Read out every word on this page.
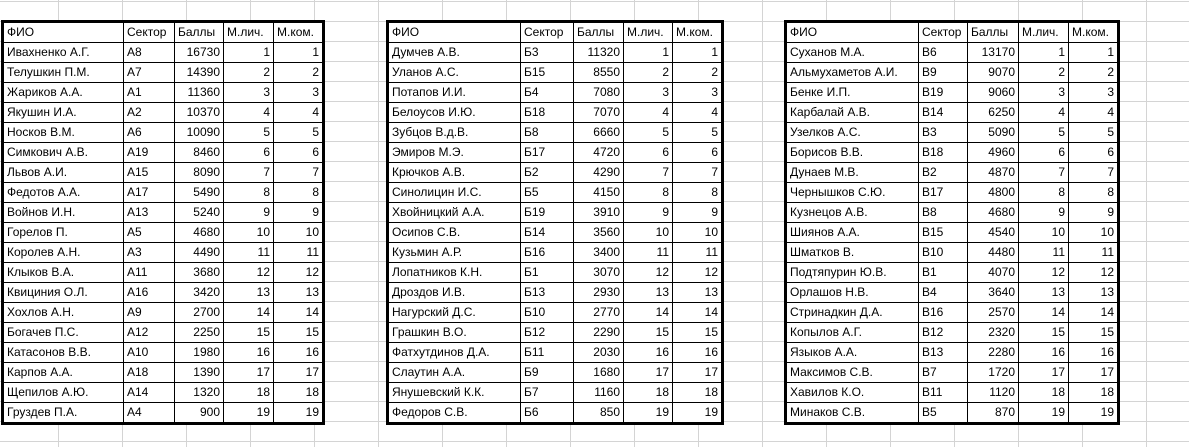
ФИО	Сектор	Баллы	М.лич.	М.ком.
Ивахненко А.Г.	А8	16730	1	1
Телушкин П.М.	А7	14390	2	2
Жариков А.А.	А1	11360	3	3
Якушин И.А.	А2	10370	4	4
Носков В.М.	А6	10090	5	5
Симкович А.В.	А19	8460	6	6
Львов А.И.	А15	8090	7	7
Федотов А.А.	А17	5490	8	8
Войнов И.Н.	А13	5240	9	9
Горелов П.	А5	4680	10	10
Королев А.Н.	А3	4490	11	11
Клыков В.А.	А11	3680	12	12
Квициния О.Л.	А16	3420	13	13
Хохлов А.Н.	А9	2700	14	14
Богачев П.С.	А12	2250	15	15
Катасонов В.В.	А10	1980	16	16
Карпов А.А.	А18	1390	17	17
Щепилов А.Ю.	А14	1320	18	18
Груздев П.А.	А4	900	19	19
ФИО	Сектор	Баллы	М.лич.	М.ком.
Думчев А.В.	Б3	11320	1	1
Уланов А.С.	Б15	8550	2	2
Потапов И.И.	Б4	7080	3	3
Белоусов И.Ю.	Б18	7070	4	4
Зубцов В.д.В.	Б8	6660	5	5
Эмиров М.Э.	Б17	4720	6	6
Крючков А.В.	Б2	4290	7	7
Синолицин И.С.	Б5	4150	8	8
Хвойницкий А.А.	Б19	3910	9	9
Осипов С.В.	Б14	3560	10	10
Кузьмин А.Р.	Б16	3400	11	11
Лопатников К.Н.	Б1	3070	12	12
Дроздов И.В.	Б13	2930	13	13
Нагурский Д.С.	Б10	2770	14	14
Грашкин В.О.	Б12	2290	15	15
Фатхутдинов Д.А.	Б11	2030	16	16
Слаутин А.А.	Б9	1680	17	17
Янушевский К.К.	Б7	1160	18	18
Федоров С.В.	Б6	850	19	19
ФИО	Сектор	Баллы	М.лич.	М.ком.
Суханов М.А.	В6	13170	1	1
Альмухаметов А.И.	В9	9070	2	2
Бенке И.П.	В19	9060	3	3
Карбалай А.В.	В14	6250	4	4
Узелков А.С.	В3	5090	5	5
Борисов В.В.	В18	4960	6	6
Дунаев М.В.	В2	4870	7	7
Чернышков С.Ю.	В17	4800	8	8
Кузнецов А.В.	В8	4680	9	9
Шиянов А.А.	В15	4540	10	10
Шматков В.	В10	4480	11	11
Подтяпурин Ю.В.	В1	4070	12	12
Орлашов Н.В.	В4	3640	13	13
Стринадкин Д.А.	В16	2570	14	14
Копылов А.Г.	В12	2320	15	15
Языков А.А.	В13	2280	16	16
Максимов С.В.	В7	1720	17	17
Хавилов К.О.	В11	1120	18	18
Минаков С.В.	В5	870	19	19
